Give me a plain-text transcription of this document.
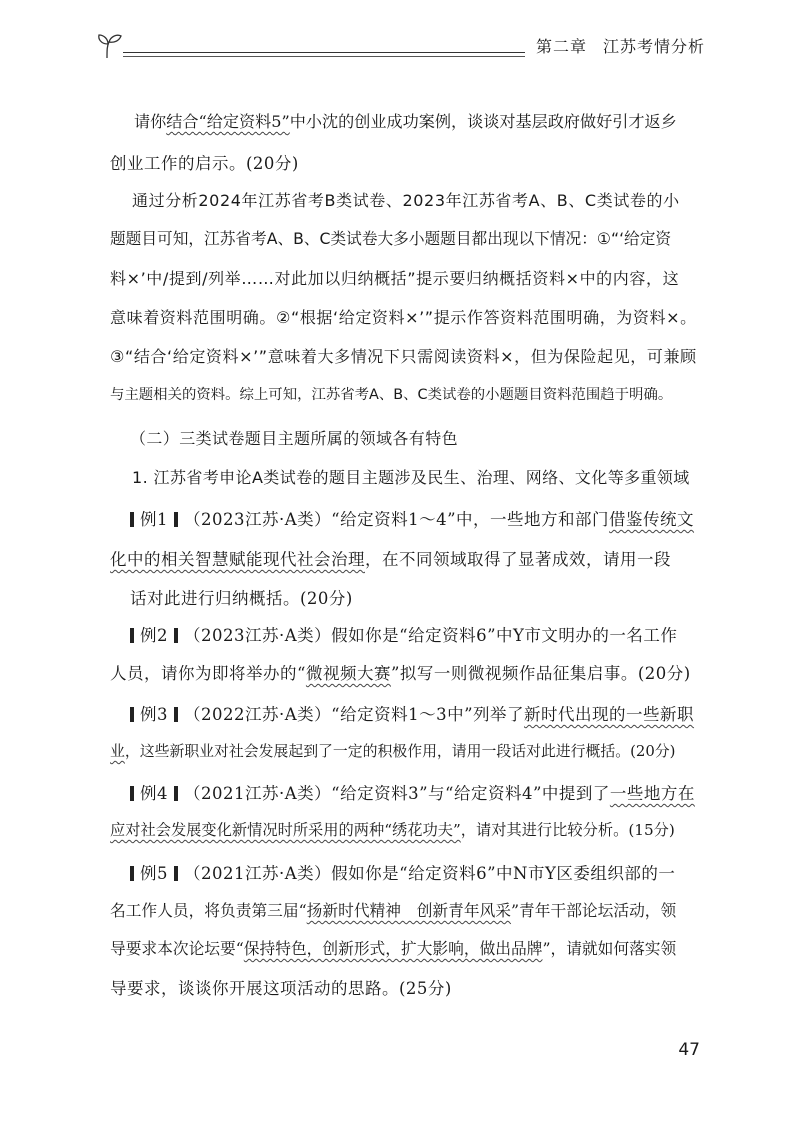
第二章 江苏考情分析

请你结合“给定资料5”中小沈的创业成功案例，谈谈对基层政府做好引才返乡

创业工作的启示。(20分)

通过分析2024年江苏省考B类试卷、2023年江苏省考A、B、C类试卷的小

题题目可知，江苏省考A、B、C类试卷大多小题题目都出现以下情况：①“‘给定资

料×’中/提到/列举……对此加以归纳概括”提示要归纳概括资料×中的内容，这

意味着资料范围明确。②“根据‘给定资料×’”提示作答资料范围明确，为资料×。

③“结合‘给定资料×’”意味着大多情况下只需阅读资料×，但为保险起见，可兼顾

与主题相关的资料。综上可知，江苏省考A、B、C类试卷的小题题目资料范围趋于明确。

（二）三类试卷题目主题所属的领域各有特色

1. 江苏省考申论A类试卷的题目主题涉及民生、治理、网络、文化等多重领域

例1 （2023江苏·A类）“给定资料1～4”中，一些地方和部门借鉴传统文

化中的相关智慧赋能现代社会治理，在不同领域取得了显著成效，请用一段

话对此进行归纳概括。(20分)

例2 （2023江苏·A类）假如你是“给定资料6”中Y市文明办的一名工作

人员，请你为即将举办的“微视频大赛”拟写一则微视频作品征集启事。(20分)

例3 （2022江苏·A类）“给定资料1～3中”列举了新时代出现的一些新职

业，这些新职业对社会发展起到了一定的积极作用，请用一段话对此进行概括。(20分)

例4 （2021江苏·A类）“给定资料3”与“给定资料4”中提到了一些地方在

应对社会发展变化新情况时所采用的两种“绣花功夫”，请对其进行比较分析。(15分)

例5 （2021江苏·A类）假如你是“给定资料6”中N市Y区委组织部的一

名工作人员，将负责第三届“扬新时代精神　创新青年风采”青年干部论坛活动，领

导要求本次论坛要“保持特色，创新形式，扩大影响，做出品牌”，请就如何落实领

导要求，谈谈你开展这项活动的思路。(25分)

47
